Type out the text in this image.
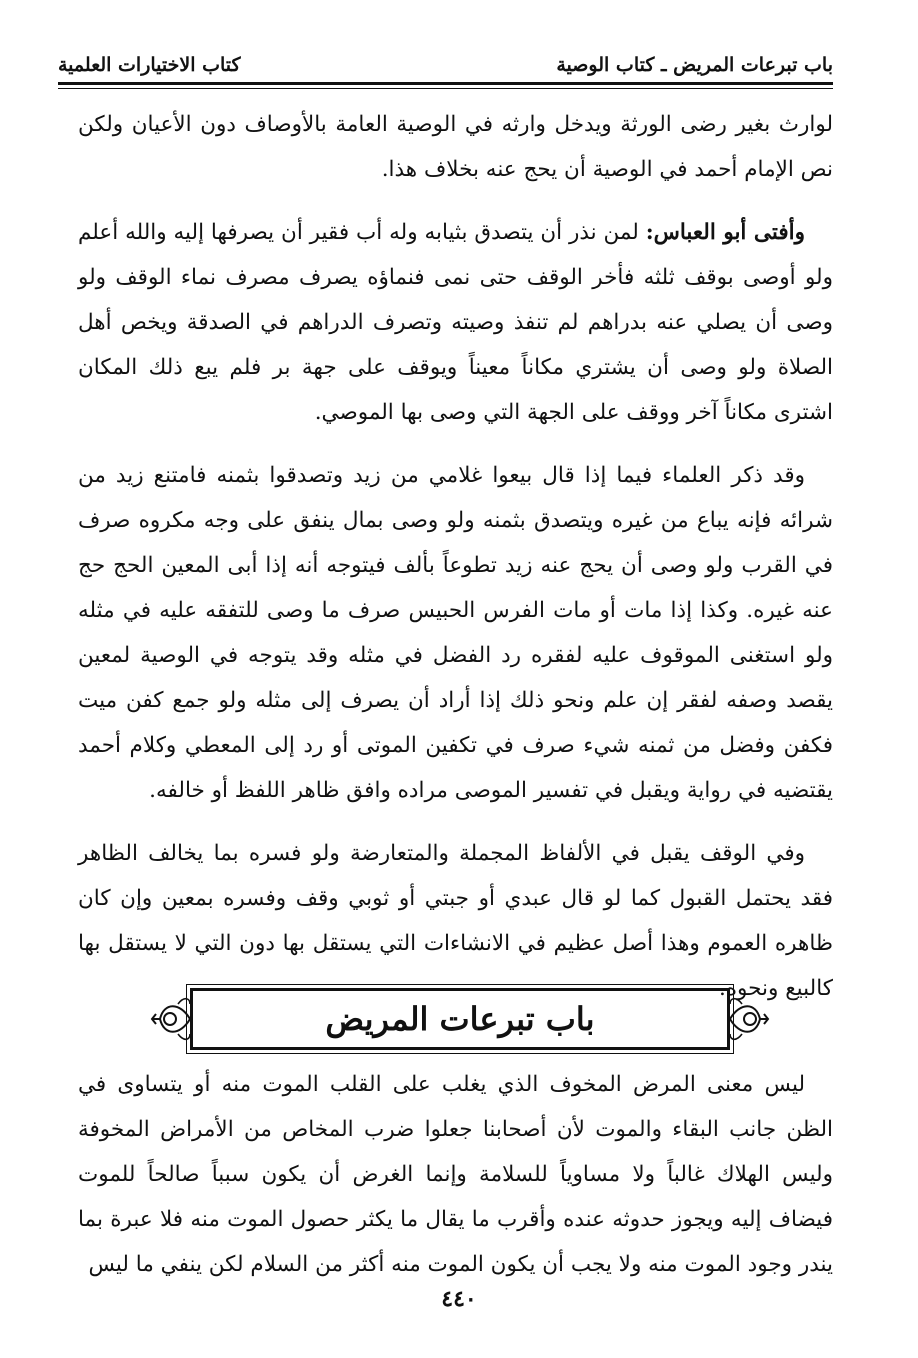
باب تبرعات المريض ـ كتاب الوصية
كتاب الاختيارات العلمية

لوارث بغير رضى الورثة ويدخل وارثه في الوصية العامة بالأوصاف دون الأعيان ولكن نص الإمام أحمد في الوصية أن يحج عنه بخلاف هذا.

وأفتى أبو العباس: لمن نذر أن يتصدق بثيابه وله أب فقير أن يصرفها إليه والله أعلم ولو أوصى بوقف ثلثه فأخر الوقف حتى نمى فنماؤه يصرف مصرف نماء الوقف ولو وصى أن يصلي عنه بدراهم لم تنفذ وصيته وتصرف الدراهم في الصدقة ويخص أهل الصلاة ولو وصى أن يشتري مكاناً معيناً ويوقف على جهة بر فلم يبع ذلك المكان اشترى مكاناً آخر ووقف على الجهة التي وصى بها الموصي.

وقد ذكر العلماء فيما إذا قال بيعوا غلامي من زيد وتصدقوا بثمنه فامتنع زيد من شرائه فإنه يباع من غيره ويتصدق بثمنه ولو وصى بمال ينفق على وجه مكروه صرف في القرب ولو وصى أن يحج عنه زيد تطوعاً بألف فيتوجه أنه إذا أبى المعين الحج حج عنه غيره. وكذا إذا مات أو مات الفرس الحبيس صرف ما وصى للتفقه عليه في مثله ولو استغنى الموقوف عليه لفقره رد الفضل في مثله وقد يتوجه في الوصية لمعين يقصد وصفه لفقر إن علم ونحو ذلك إذا أراد أن يصرف إلى مثله ولو جمع كفن ميت فكفن وفضل من ثمنه شيء صرف في تكفين الموتى أو رد إلى المعطي وكلام أحمد يقتضيه في رواية ويقبل في تفسير الموصى مراده وافق ظاهر اللفظ أو خالفه.

وفي الوقف يقبل في الألفاظ المجملة والمتعارضة ولو فسره بما يخالف الظاهر فقد يحتمل القبول كما لو قال عبدي أو جبتي أو ثوبي وقف وفسره بمعين وإن كان ظاهره العموم وهذا أصل عظيم في الانشاءات التي يستقل بها دون التي لا يستقل بها كالبيع ونحوه.

باب تبرعات المريض

ليس معنى المرض المخوف الذي يغلب على القلب الموت منه أو يتساوى في الظن جانب البقاء والموت لأن أصحابنا جعلوا ضرب المخاص من الأمراض المخوفة وليس الهلاك غالباً ولا مساوياً للسلامة وإنما الغرض أن يكون سبباً صالحاً للموت فيضاف إليه ويجوز حدوثه عنده وأقرب ما يقال ما يكثر حصول الموت منه فلا عبرة بما يندر وجود الموت منه ولا يجب أن يكون الموت منه أكثر من السلام لكن ينفي ما ليس

٤٤٠
